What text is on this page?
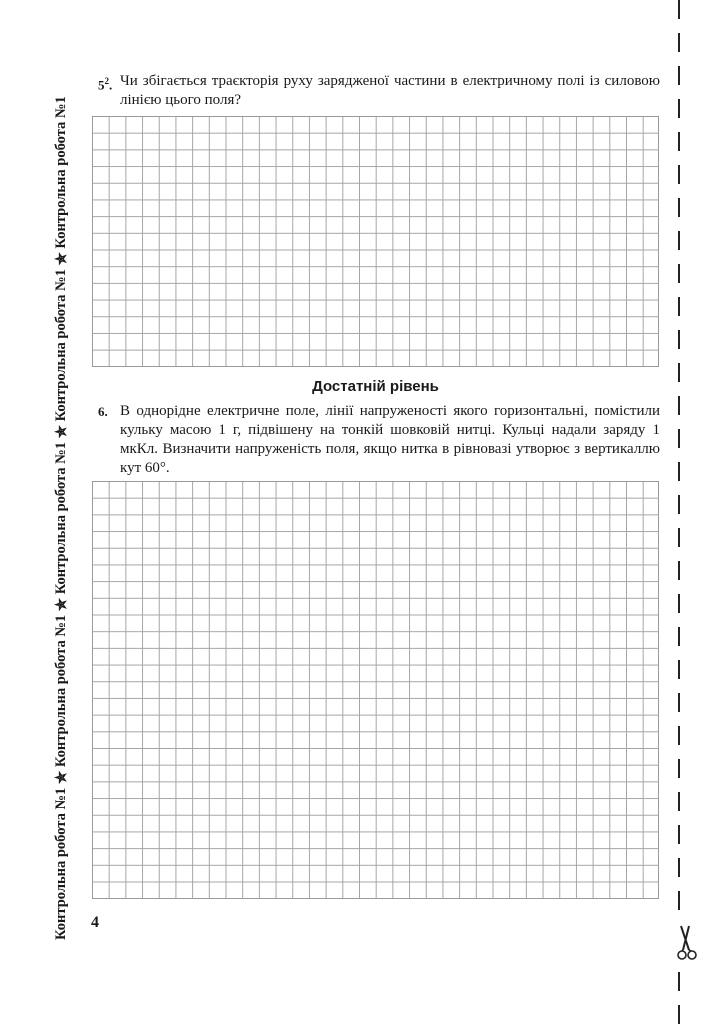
Контрольна робота №1
✯
Контрольна робота №1
✯
Контрольна робота №1
✯
Контрольна робота №1
✯
Контрольна робота №1
$5^2$. Чи збігається траєкторія руху зарядженої частини в електричному полі із силовою лінією цього поля?
Достатній рівень
6. В однорідне електричне поле, лінії напруженості якого горизонтальні, помістили кульку масою 1 г, підвішену на тонкій шовковій нитці. Кульці надали заряду 1 мкКл. Визначити напруженість поля, якщо нитка в рівновазі утворює з вертикаллю кут 60°.
4
